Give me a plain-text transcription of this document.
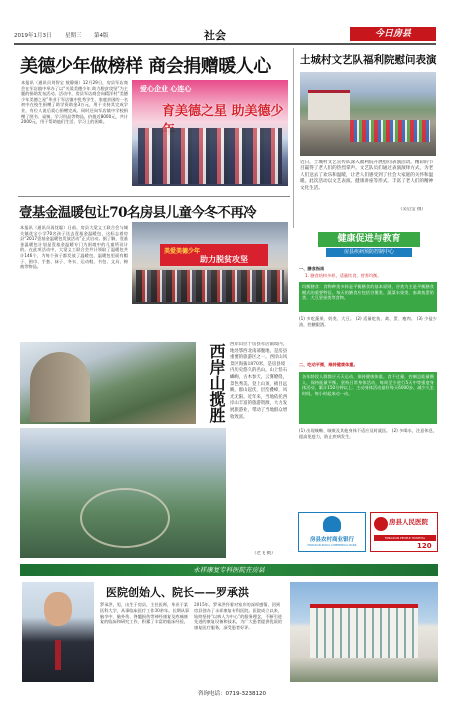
2019年1月3日 星期三 第4版	社会	今日房县
美德少年做榜样 商会捐赠暖人心
本报讯（通讯员刘智宝 敖静娟）12月29日，房县军店商会在军店镇中举办了以“关爱美德少年 助力脱贫攻坚”为主题的捐助发布活动。活动中，房县军店商会向精洋村“美德少年美德之星”毕业于军店镇中优秀学生、家庭贫困的一名初中在校生捐赠了助学资助金3万元，用于支持其完成学业，有位人说后爱心捐赠完成。同时还向军店镇中学校捐赠了图书、桌椅、学习用品等物品，价值近8000元，共计2000元，用于帮助他们生活、学习上的困难。
爱心企业 心连心
育美德之星 助美德少
土城村文艺队福利院慰问表演
近日，土城村文艺宣传队深入福利院开展慰问表演活动。精彩的节目赢得了老人们的热烈掌声。文艺队员们通过表演演绎方式，为老人们送去了欢乐和温暖，让老人们感受到了社会大家庭的关怀和温暖。此次活动以文艺表演、健康讲座等形式，丰富了老人们的精神文化生活。
（吴启莹 摄）
壹基金温暖包让70名房县儿童今冬不再冷
本报讯（通讯员再忱聪）日前，房县大觉义工联合会与城关镇花宝小学70名孩子送去壹基金温暖包，这标志着房县“2017壹基金温暖包发放活动”正式启动。据了解，壹基金温暖包计划是壹基金温暖专门为困境中的儿童所设计的。在此项活动中，大觉义工联合会共计领取了温暖包共计146个，为每个孩子都发放了温暖包，温暖包里面有帽子、围巾、手套、袜子、冬衣、运动鞋、书包、文具、棉被等物品。
美爱美德少年
助力脱贫攻坚
健康促进与教育
房县疾病预防控制中心
一、膳食指南
1. 膳食结构多样，适量饮食，营养均衡。
均衡膳食：食物种类多样是平衡膳食的基本原则，谷类为主是平衡膳食模式的重要特征。每天的膳食应包括谷薯类、蔬菜水果类、畜禽鱼蛋奶类、大豆坚果类等食物。
(1) 多吃蔬果、奶类、大豆。 (2) 适量吃鱼、禽、蛋、瘦肉。 (3) 少盐少油，控糖限酒。
二、吃动平衡，维持健康体重。
各年龄段人群都应天天运动、保持健康体重。食不过量，控制总能量摄入，保持能量平衡。坚持日常身体活动，每周至少进行5天中等强度身体活动，累计150分钟以上；主动身体活动最好每天6000步。减少久坐时间，每小时起来动一动。
(1) 出现咳嗽、咳痰及其他身体不适应及时就医。 (2) 多喝水，注意休息，提高免疫力，防止疾病发生。
西岸山揽胜 西岸山位于房县军店镇境内，地处鄂西北南部腹地，是房县重要的旅游区之一。西岸山风景区海拔1870米，是房县境内历史悠久的名山。山上怪石嶙峋，古木参天，云雾缭绕，景色秀美。登上山顶，极目远眺，群山起伏，层峦叠嶂，风光无限。近年来，当地依托西岸山丰富的旅游资源，大力发展旅游业，带动了当地群众增收致富。
（老飞 摄）
房县农村商业银行
FANGXIAN RURAL COMMERCIAL BANK
房县人民医院
FANGXIAN PEOPLE HOSPITAL
120
永祥康复专科医院在房县
医院创始人、院长——罗承洪
罗承洪，男，出生于房县，主任医师，毕业于某医科大学，从事临床医疗工作30余年。长期从事脑卒中、脑外伤、脊髓损伤等神经康复及疼痛康复的临床和研究工作，积累了丰富的临床经验。
2015年，罗承洪怀着对家乡的深厚感情，回到房县创办了永祥康复专科医院。医院成立以来，始终坚持“以病人为中心”的服务理念，不断引进先进的康复设备和技术，为广大患者提供优质的康复医疗服务，深受患者好评。
咨询电话：0719-3238120
